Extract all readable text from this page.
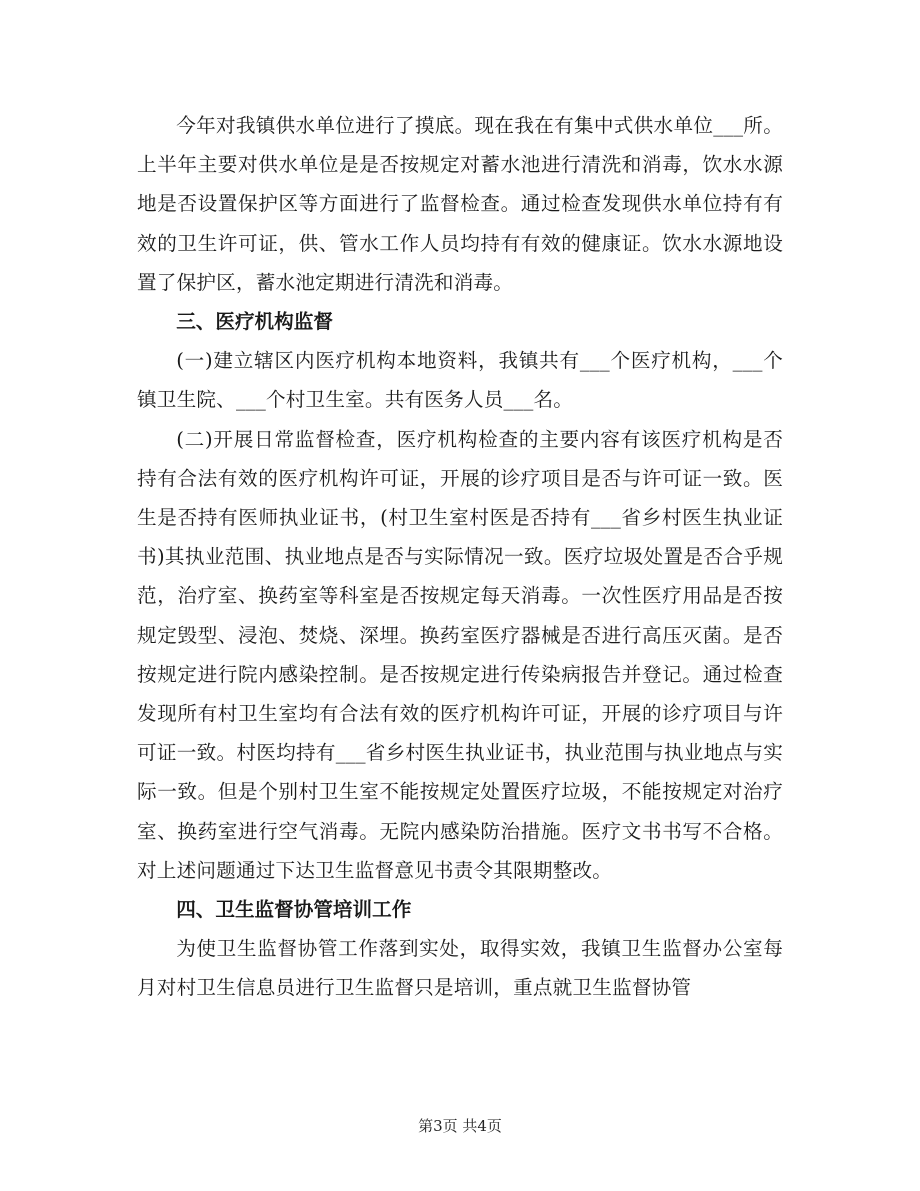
今年对我镇供水单位进行了摸底。现在我在有集中式供水单位___所。上半年主要对供水单位是是否按规定对蓄水池进行清洗和消毒，饮水水源地是否设置保护区等方面进行了监督检查。通过检查发现供水单位持有有效的卫生许可证，供、管水工作人员均持有有效的健康证。饮水水源地设置了保护区，蓄水池定期进行清洗和消毒。

三、医疗机构监督

(一)建立辖区内医疗机构本地资料，我镇共有___个医疗机构，___个镇卫生院、___个村卫生室。共有医务人员___名。

(二)开展日常监督检查，医疗机构检查的主要内容有该医疗机构是否持有合法有效的医疗机构许可证，开展的诊疗项目是否与许可证一致。医生是否持有医师执业证书，(村卫生室村医是否持有___省乡村医生执业证书)其执业范围、执业地点是否与实际情况一致。医疗垃圾处置是否合乎规范，治疗室、换药室等科室是否按规定每天消毒。一次性医疗用品是否按规定毁型、浸泡、焚烧、深埋。换药室医疗器械是否进行高压灭菌。是否按规定进行院内感染控制。是否按规定进行传染病报告并登记。通过检查发现所有村卫生室均有合法有效的医疗机构许可证，开展的诊疗项目与许可证一致。村医均持有___省乡村医生执业证书，执业范围与执业地点与实际一致。但是个别村卫生室不能按规定处置医疗垃圾，不能按规定对治疗室、换药室进行空气消毒。无院内感染防治措施。医疗文书书写不合格。对上述问题通过下达卫生监督意见书责令其限期整改。

四、卫生监督协管培训工作

为使卫生监督协管工作落到实处，取得实效，我镇卫生监督办公室每月对村卫生信息员进行卫生监督只是培训，重点就卫生监督协管

第3页 共4页
